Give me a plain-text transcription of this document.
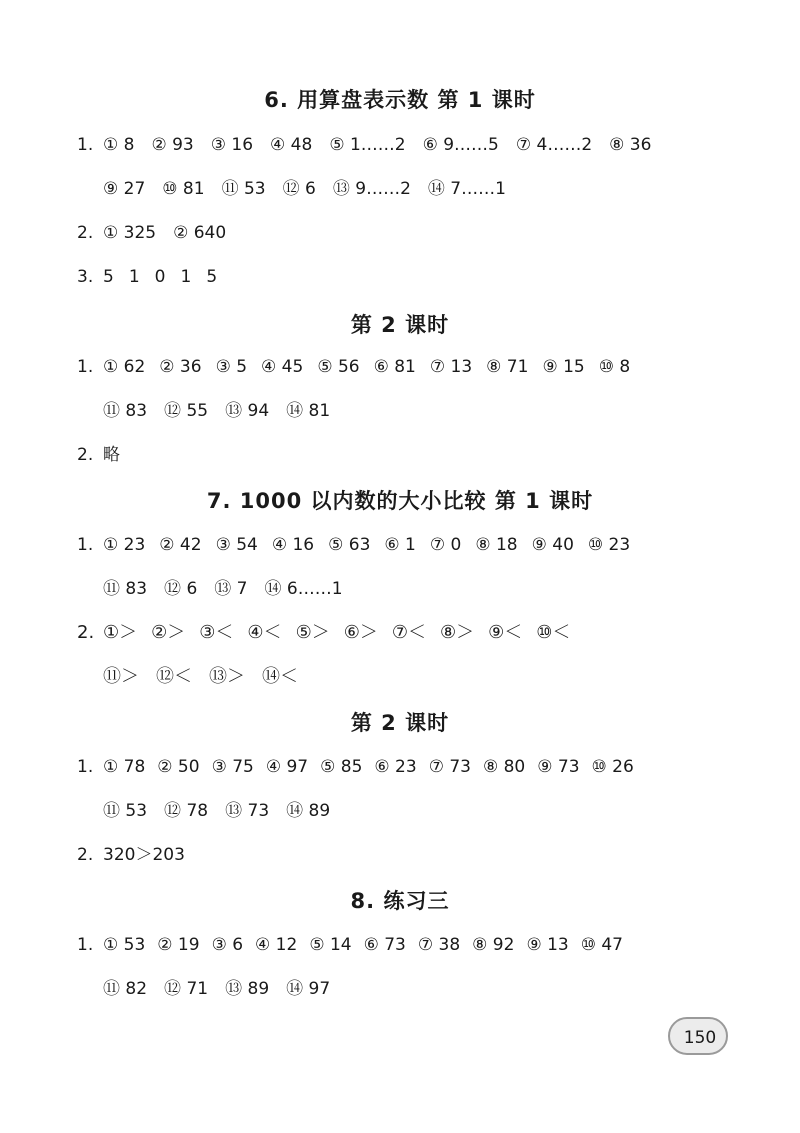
6. 用算盘表示数 第 1 课时
1. ① 8 ② 93 ③ 16 ④ 48 ⑤ 1……2 ⑥ 9……5 ⑦ 4……2 ⑧ 36
⑨ 27 ⑩ 81 ⑪ 53 ⑫ 6 ⑬ 9……2 ⑭ 7……1
2. ① 325 ② 640
3. 5 1 0 1 5
第 2 课时
1. ① 62 ② 36 ③ 5 ④ 45 ⑤ 56 ⑥ 81 ⑦ 13 ⑧ 71 ⑨ 15 ⑩ 8
⑪ 83 ⑫ 55 ⑬ 94 ⑭ 81
2. 略
7. 1000 以内数的大小比较 第 1 课时
1. ① 23 ② 42 ③ 54 ④ 16 ⑤ 63 ⑥ 1 ⑦ 0 ⑧ 18 ⑨ 40 ⑩ 23
⑪ 83 ⑫ 6 ⑬ 7 ⑭ 6……1
2. ①＞ ②＞ ③＜ ④＜ ⑤＞ ⑥＞ ⑦＜ ⑧＞ ⑨＜ ⑩＜
⑪＞ ⑫＜ ⑬＞ ⑭＜
第 2 课时
1. ① 78 ② 50 ③ 75 ④ 97 ⑤ 85 ⑥ 23 ⑦ 73 ⑧ 80 ⑨ 73 ⑩ 26
⑪ 53 ⑫ 78 ⑬ 73 ⑭ 89
2. 320＞203
8. 练习三
1. ① 53 ② 19 ③ 6 ④ 12 ⑤ 14 ⑥ 73 ⑦ 38 ⑧ 92 ⑨ 13 ⑩ 47
⑪ 82 ⑫ 71 ⑬ 89 ⑭ 97
150
